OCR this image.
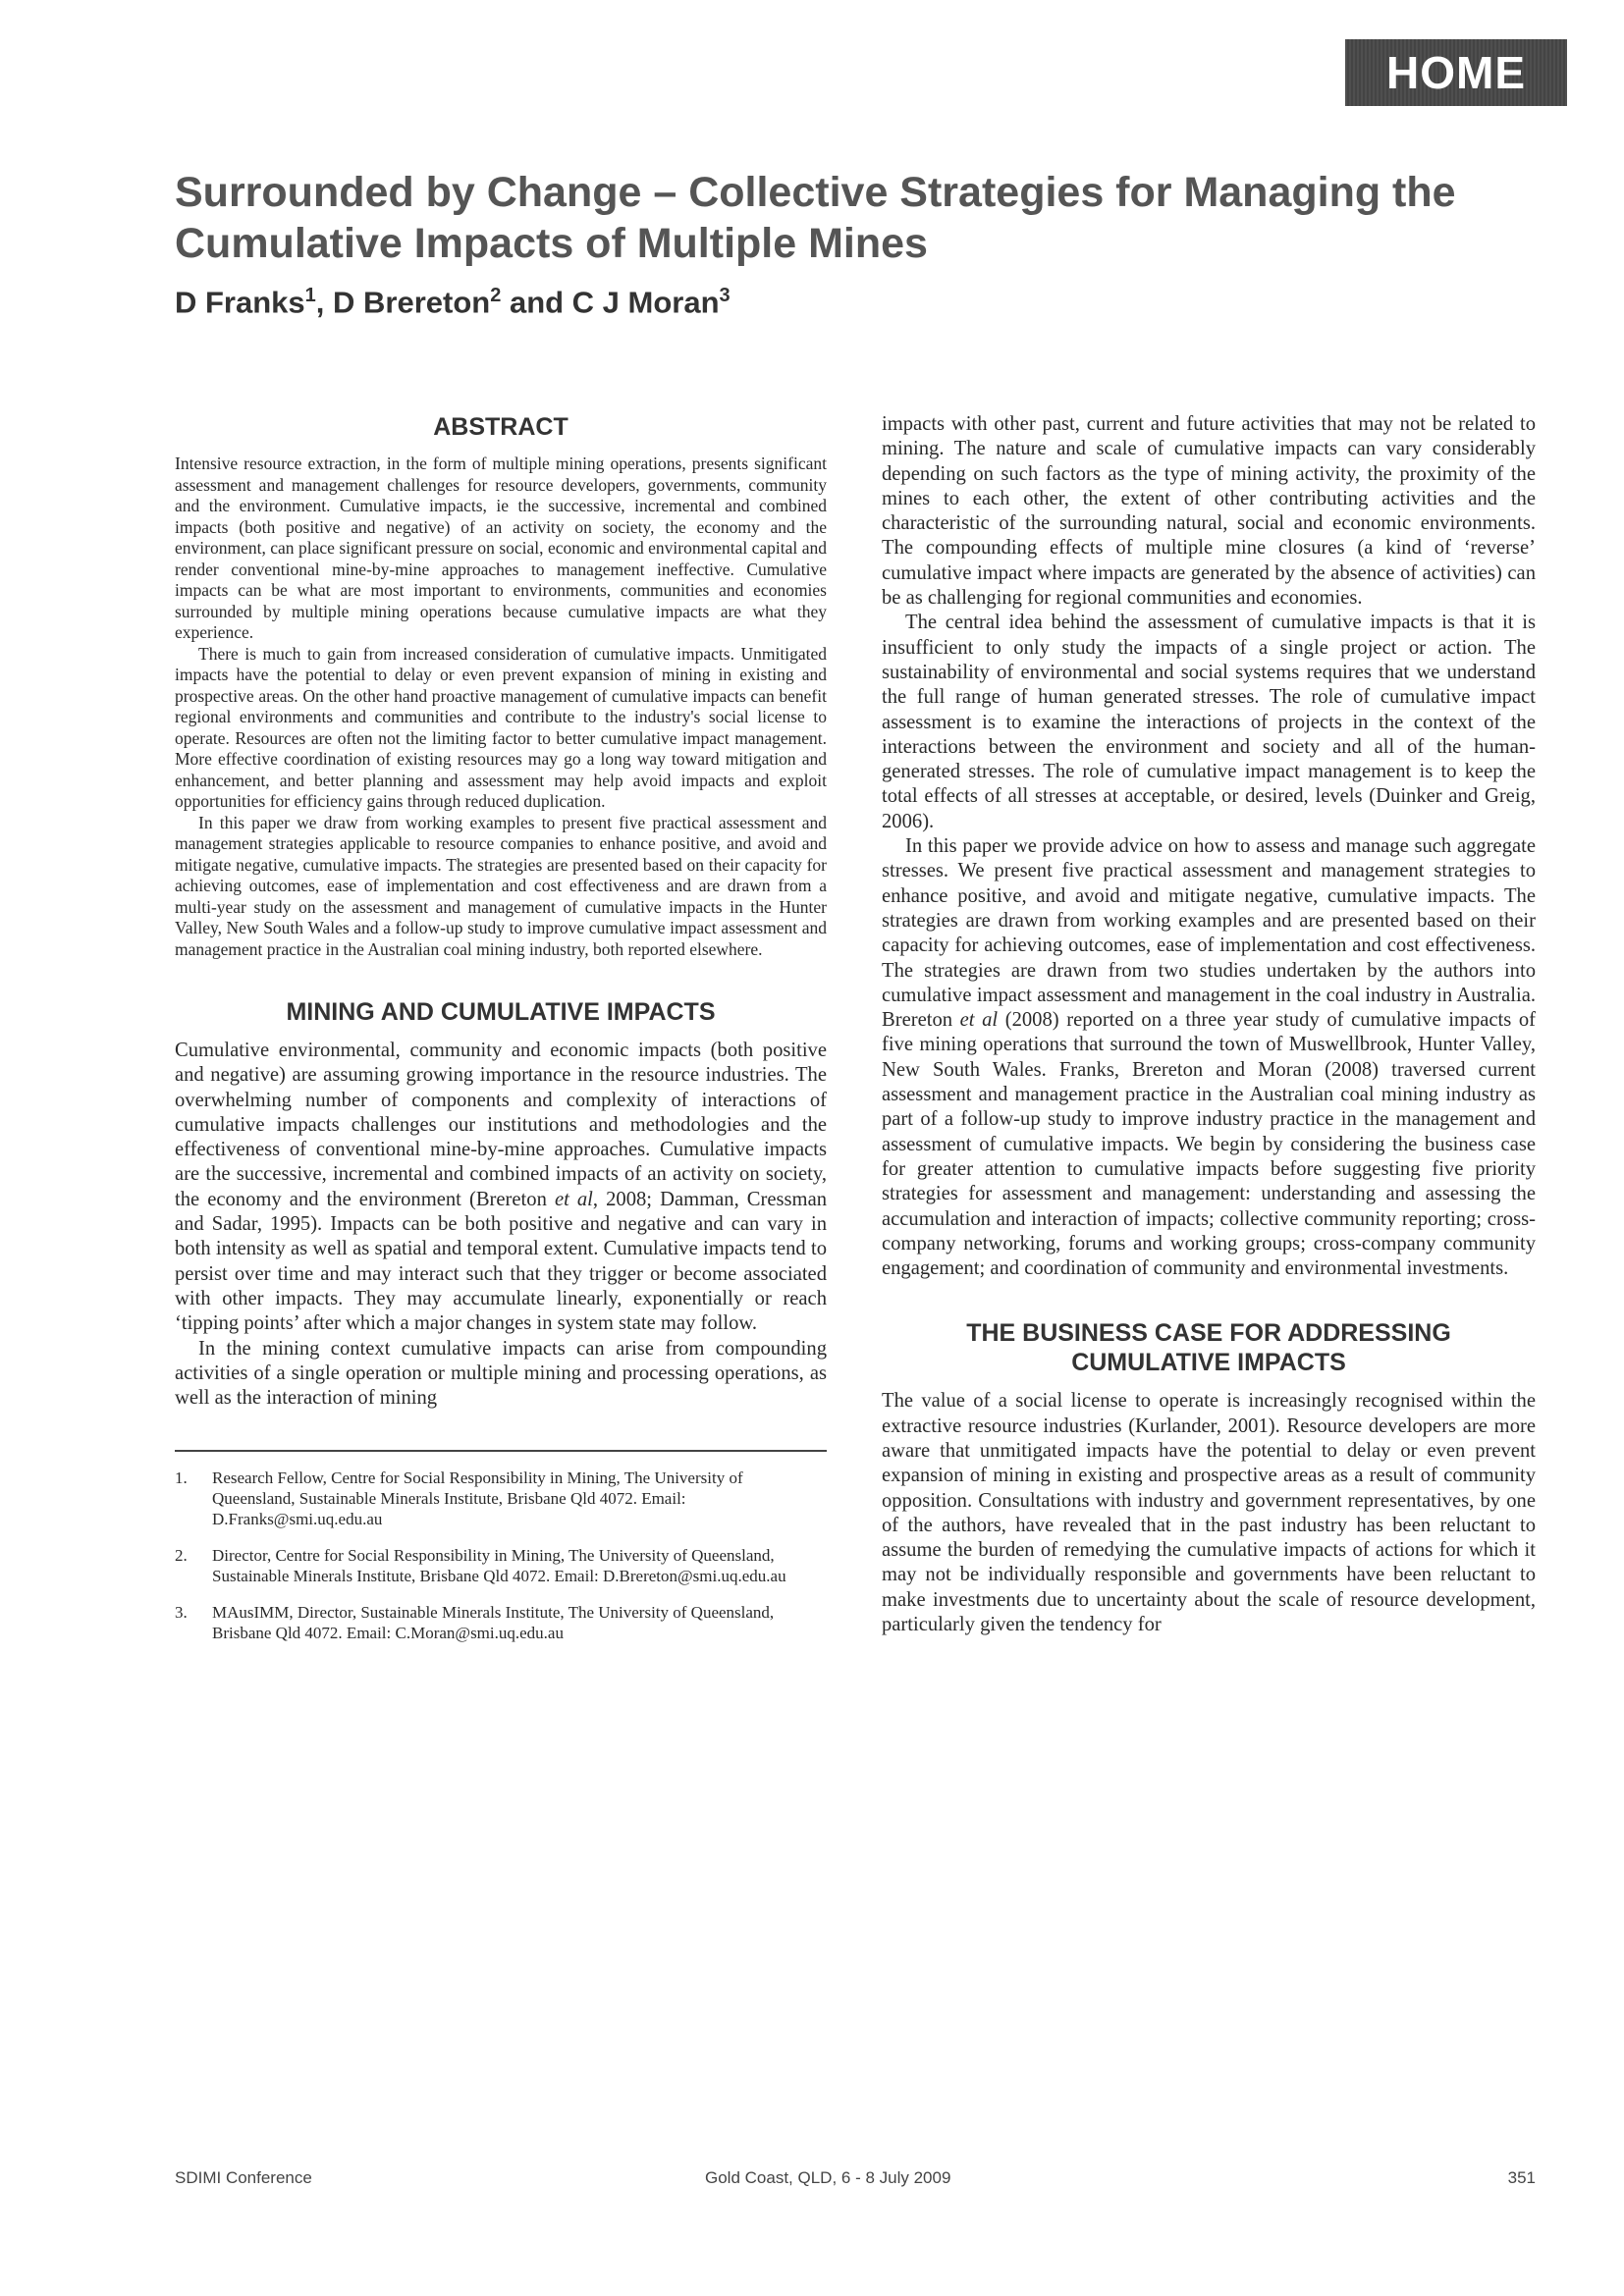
HOME
Surrounded by Change – Collective Strategies for Managing the
Cumulative Impacts of Multiple Mines

D Franks$^1$, D Brereton$^2$ and C J Moran$^3$

ABSTRACT

Intensive resource extraction, in the form of multiple mining operations, presents significant assessment and management challenges for resource developers, governments, community and the environment. Cumulative impacts, ie the successive, incremental and combined impacts (both positive and negative) of an activity on society, the economy and the environment, can place significant pressure on social, economic and environmental capital and render conventional mine-by-mine approaches to management ineffective. Cumulative impacts can be what are most important to environments, communities and economies surrounded by multiple mining operations because cumulative impacts are what they experience.

There is much to gain from increased consideration of cumulative impacts. Unmitigated impacts have the potential to delay or even prevent expansion of mining in existing and prospective areas. On the other hand proactive management of cumulative impacts can benefit regional environments and communities and contribute to the industry's social license to operate. Resources are often not the limiting factor to better cumulative impact management. More effective coordination of existing resources may go a long way toward mitigation and enhancement, and better planning and assessment may help avoid impacts and exploit opportunities for efficiency gains through reduced duplication.

In this paper we draw from working examples to present five practical assessment and management strategies applicable to resource companies to enhance positive, and avoid and mitigate negative, cumulative impacts. The strategies are presented based on their capacity for achieving outcomes, ease of implementation and cost effectiveness and are drawn from a multi-year study on the assessment and management of cumulative impacts in the Hunter Valley, New South Wales and a follow-up study to improve cumulative impact assessment and management practice in the Australian coal mining industry, both reported elsewhere.

MINING AND CUMULATIVE IMPACTS

Cumulative environmental, community and economic impacts (both positive and negative) are assuming growing importance in the resource industries. The overwhelming number of components and complexity of interactions of cumulative impacts challenges our institutions and methodologies and the effectiveness of conventional mine-by-mine approaches. Cumulative impacts are the successive, incremental and combined impacts of an activity on society, the economy and the environment (Brereton et al, 2008; Damman, Cressman and Sadar, 1995). Impacts can be both positive and negative and can vary in both intensity as well as spatial and temporal extent. Cumulative impacts tend to persist over time and may interact such that they trigger or become associated with other impacts. They may accumulate linearly, exponentially or reach ‘tipping points’ after which a major changes in system state may follow.

In the mining context cumulative impacts can arise from compounding activities of a single operation or multiple mining and processing operations, as well as the interaction of mining

1.	Research Fellow, Centre for Social Responsibility in Mining, The University of Queensland, Sustainable Minerals Institute, Brisbane Qld 4072. Email: D.Franks@smi.uq.edu.au
2.	Director, Centre for Social Responsibility in Mining, The University of Queensland, Sustainable Minerals Institute, Brisbane Qld 4072. Email: D.Brereton@smi.uq.edu.au
3.	MAusIMM, Director, Sustainable Minerals Institute, The University of Queensland, Brisbane Qld 4072. Email: C.Moran@smi.uq.edu.au

impacts with other past, current and future activities that may not be related to mining. The nature and scale of cumulative impacts can vary considerably depending on such factors as the type of mining activity, the proximity of the mines to each other, the extent of other contributing activities and the characteristic of the surrounding natural, social and economic environments. The compounding effects of multiple mine closures (a kind of ‘reverse’ cumulative impact where impacts are generated by the absence of activities) can be as challenging for regional communities and economies.

The central idea behind the assessment of cumulative impacts is that it is insufficient to only study the impacts of a single project or action. The sustainability of environmental and social systems requires that we understand the full range of human generated stresses. The role of cumulative impact assessment is to examine the interactions of projects in the context of the interactions between the environment and society and all of the human-generated stresses. The role of cumulative impact management is to keep the total effects of all stresses at acceptable, or desired, levels (Duinker and Greig, 2006).

In this paper we provide advice on how to assess and manage such aggregate stresses. We present five practical assessment and management strategies to enhance positive, and avoid and mitigate negative, cumulative impacts. The strategies are drawn from working examples and are presented based on their capacity for achieving outcomes, ease of implementation and cost effectiveness. The strategies are drawn from two studies undertaken by the authors into cumulative impact assessment and management in the coal industry in Australia. Brereton et al (2008) reported on a three year study of cumulative impacts of five mining operations that surround the town of Muswellbrook, Hunter Valley, New South Wales. Franks, Brereton and Moran (2008) traversed current assessment and management practice in the Australian coal mining industry as part of a follow-up study to improve industry practice in the management and assessment of cumulative impacts. We begin by considering the business case for greater attention to cumulative impacts before suggesting five priority strategies for assessment and management: understanding and assessing the accumulation and interaction of impacts; collective community reporting; cross-company networking, forums and working groups; cross-company community engagement; and coordination of community and environmental investments.

THE BUSINESS CASE FOR ADDRESSING
CUMULATIVE IMPACTS

The value of a social license to operate is increasingly recognised within the extractive resource industries (Kurlander, 2001). Resource developers are more aware that unmitigated impacts have the potential to delay or even prevent expansion of mining in existing and prospective areas as a result of community opposition. Consultations with industry and government representatives, by one of the authors, have revealed that in the past industry has been reluctant to assume the burden of remedying the cumulative impacts of actions for which it may not be individually responsible and governments have been reluctant to make investments due to uncertainty about the scale of resource development, particularly given the tendency for

SDIMI Conference	Gold Coast, QLD, 6 - 8 July 2009	351
